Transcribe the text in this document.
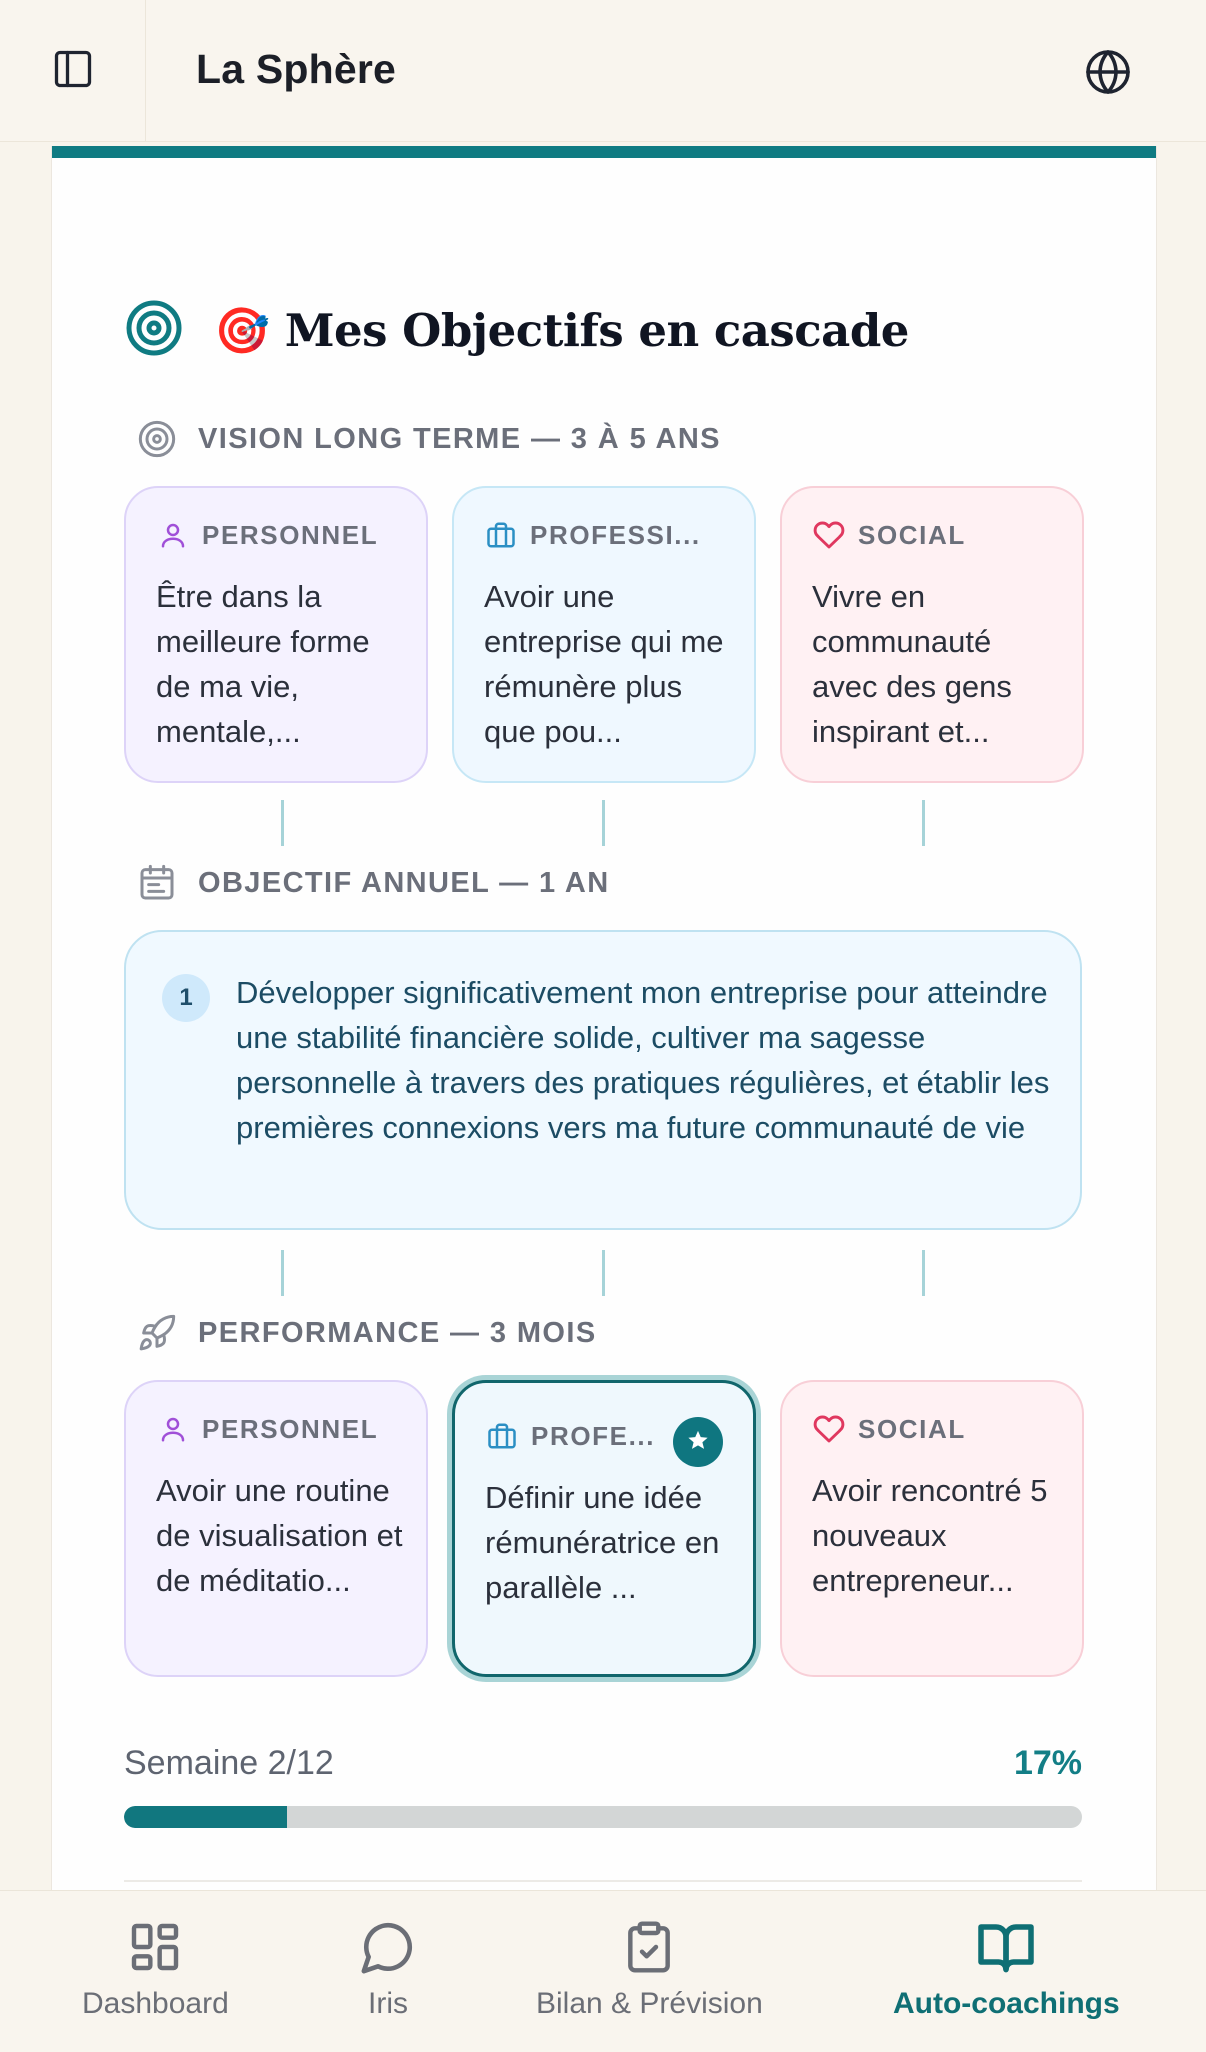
La Sphère
🎯 Mes Objectifs en cascade
VISION LONG TERME — 3 À 5 ANS
PERSONNEL
Être dans la meilleure forme de ma vie, mentale,...
PROFESSI...
Avoir une entreprise qui me rémunère plus que pou...
SOCIAL
Vivre en communauté avec des gens inspirant et...
OBJECTIF ANNUEL — 1 AN
1	Développer significativement mon entreprise pour atteindre une stabilité financière solide, cultiver ma sagesse personnelle à travers des pratiques régulières, et établir les premières connexions vers ma future communauté de vie
PERFORMANCE — 3 MOIS
PERSONNEL
Avoir une routine de visualisation et de méditatio...
PROFE...
Définir une idée rémunératrice en parallèle ...
SOCIAL
Avoir rencontré 5 nouveaux entrepreneur...
Semaine 2/12	17%
Dashboard	Iris	Bilan & Prévision	Auto-coachings
